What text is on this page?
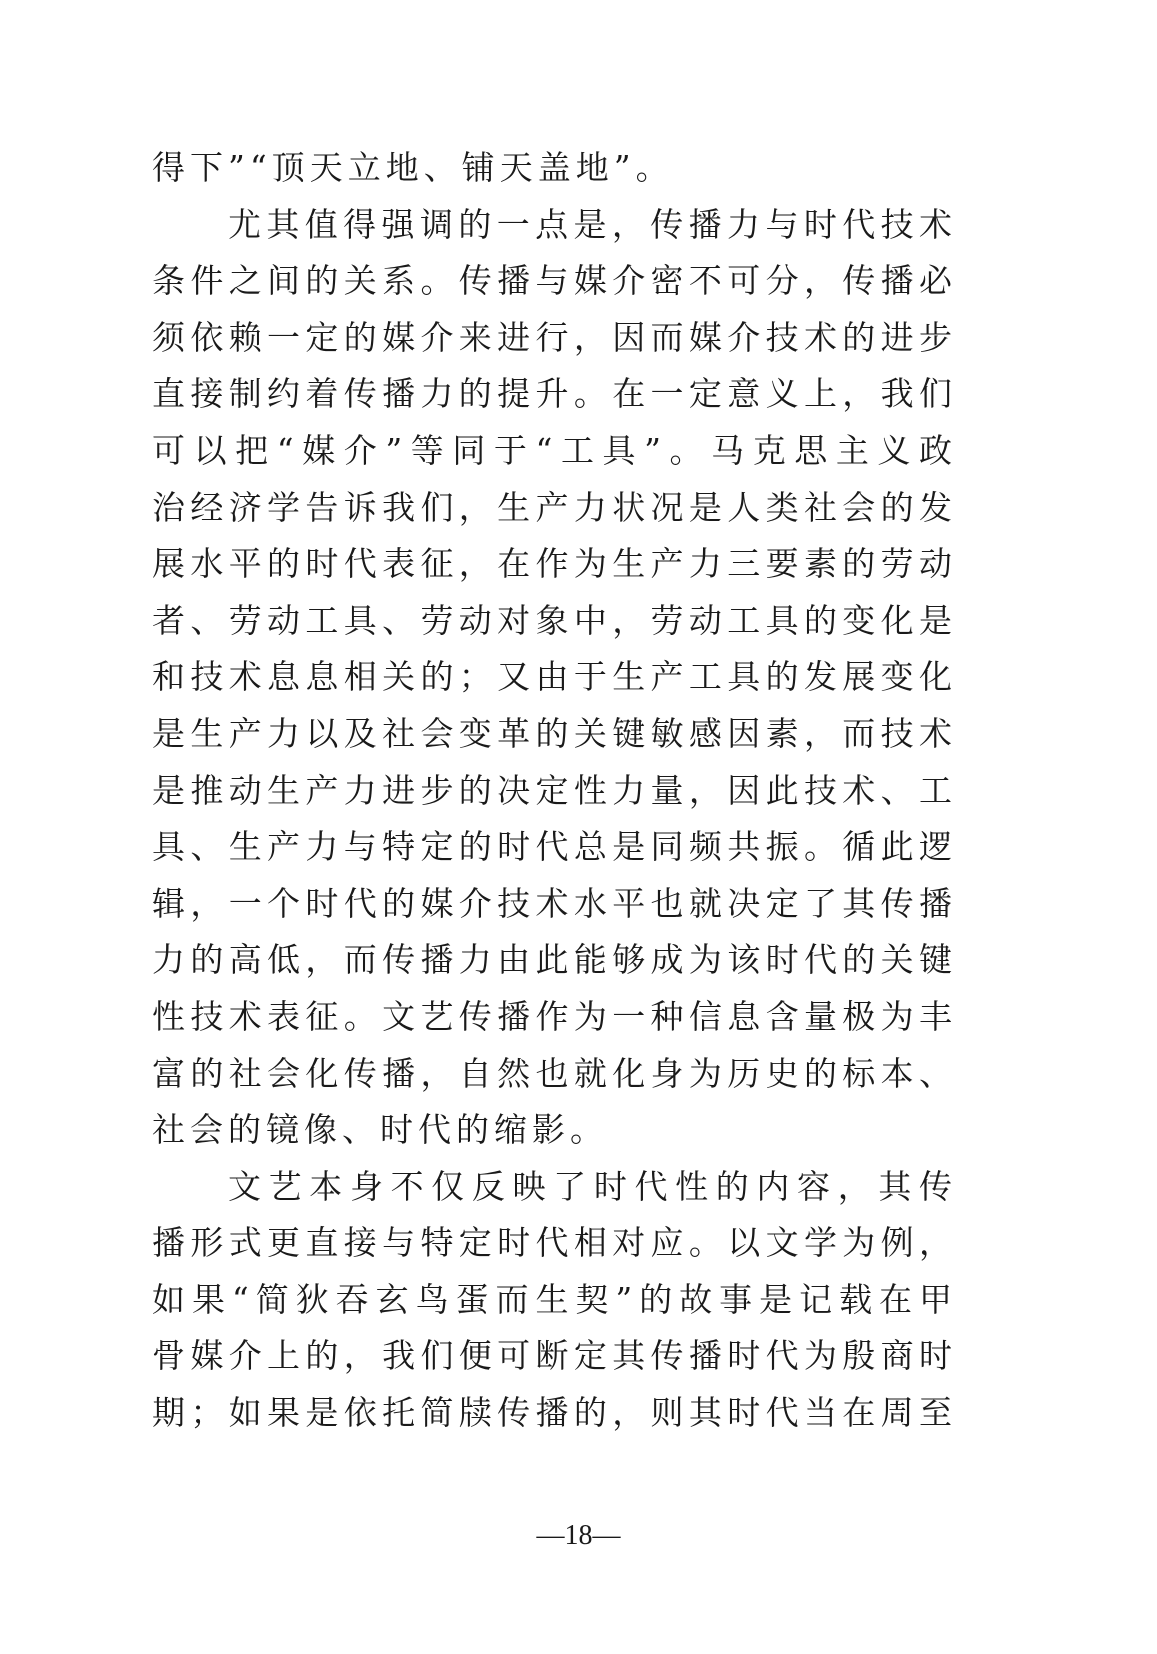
得下”“顶天立地、铺天盖地”。
尤其值得强调的一点是，传播力与时代技术
条件之间的关系。传播与媒介密不可分，传播必
须依赖一定的媒介来进行，因而媒介技术的进步
直接制约着传播力的提升。在一定意义上，我们
可以把“媒介”等同于“工具”。马克思主义政
治经济学告诉我们，生产力状况是人类社会的发
展水平的时代表征，在作为生产力三要素的劳动
者、劳动工具、劳动对象中，劳动工具的变化是
和技术息息相关的；又由于生产工具的发展变化
是生产力以及社会变革的关键敏感因素，而技术
是推动生产力进步的决定性力量，因此技术、工
具、生产力与特定的时代总是同频共振。循此逻
辑，一个时代的媒介技术水平也就决定了其传播
力的高低，而传播力由此能够成为该时代的关键
性技术表征。文艺传播作为一种信息含量极为丰
富的社会化传播，自然也就化身为历史的标本、
社会的镜像、时代的缩影。
文艺本身不仅反映了时代性的内容，其传
播形式更直接与特定时代相对应。以文学为例，
如果“简狄吞玄鸟蛋而生契”的故事是记载在甲
骨媒介上的，我们便可断定其传播时代为殷商时
期；如果是依托简牍传播的，则其时代当在周至
—18—
